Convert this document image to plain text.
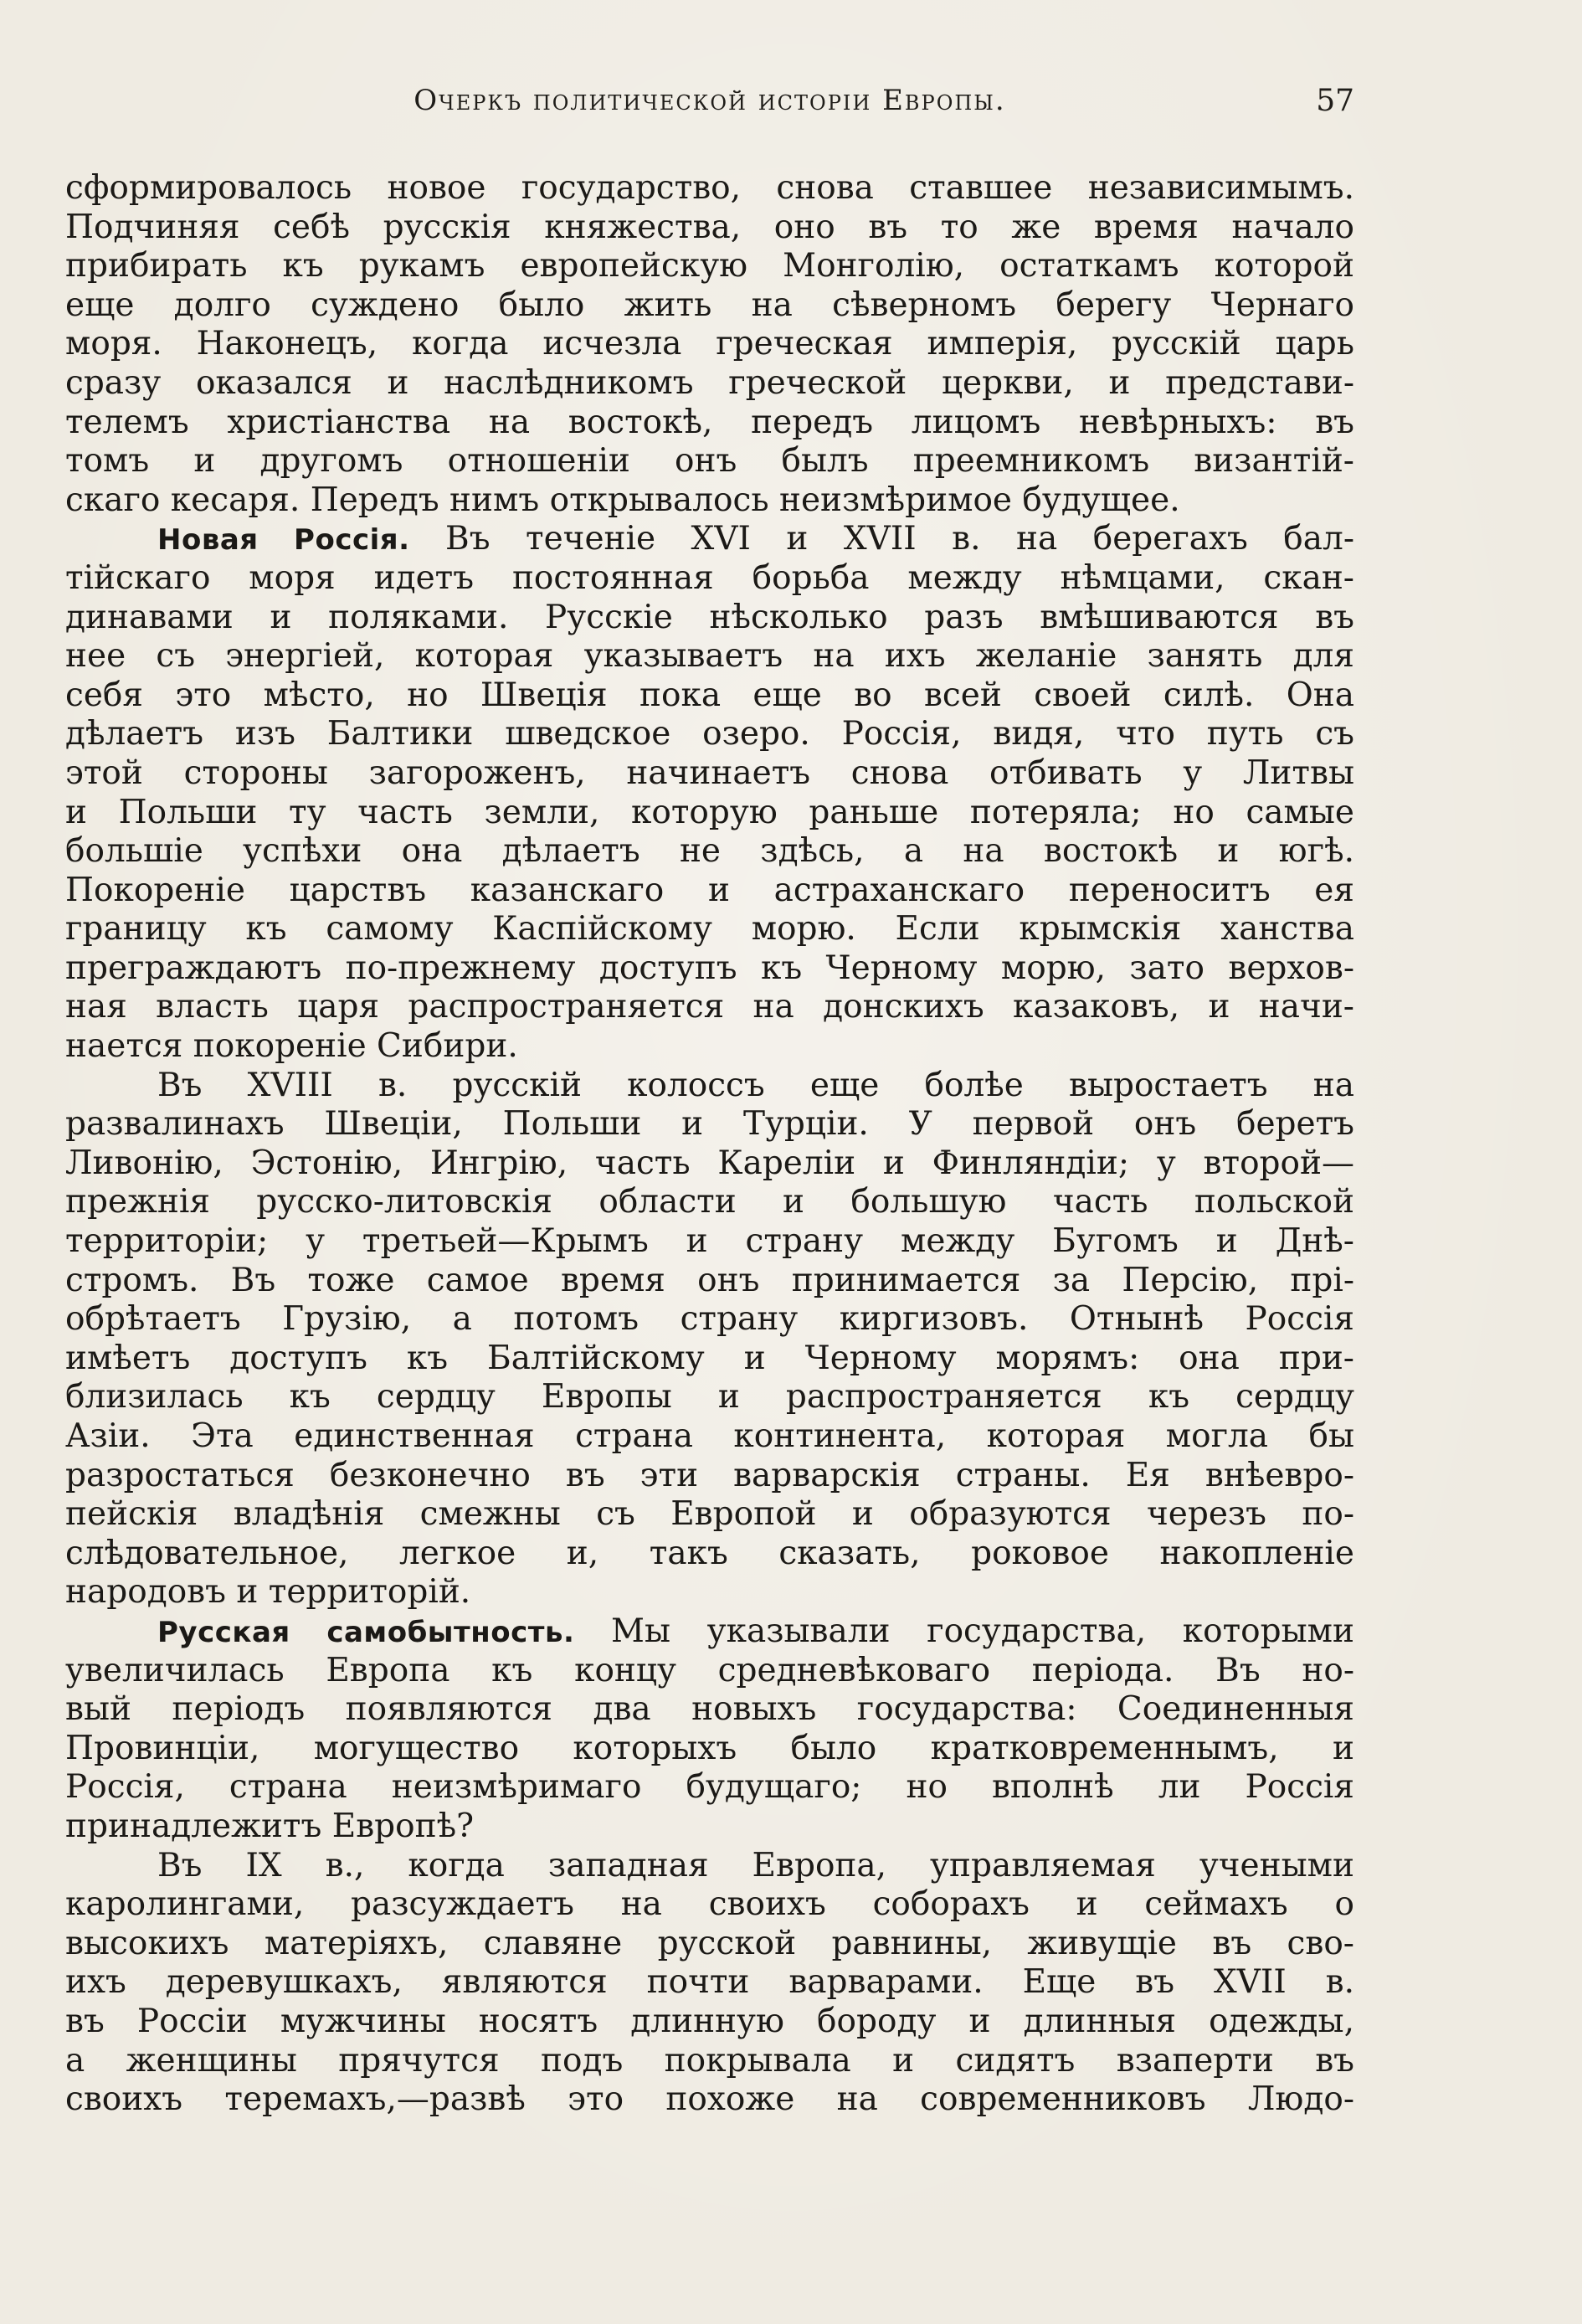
Очеркъ политической исторіи Европы.	57
сформировалось новое государство, снова ставшее независимымъ.
Подчиняя себѣ русскія княжества, оно въ то же время начало
прибирать къ рукамъ европейскую Монголію, остаткамъ которой
еще долго суждено было жить на сѣверномъ берегу Чернаго
моря. Наконецъ, когда исчезла греческая имперія, русскій царь
сразу оказался и наслѣдникомъ греческой церкви, и представи-
телемъ христіанства на востокѣ, передъ лицомъ невѣрныхъ: въ
томъ и другомъ отношеніи онъ былъ преемникомъ византій-
скаго кесаря. Передъ нимъ открывалось неизмѣримое будущее.
Новая Россія. Въ теченіе XVI и XVII в. на берегахъ бал-
тійскаго моря идетъ постоянная борьба между нѣмцами, скан-
динавами и поляками. Русскіе нѣсколько разъ вмѣшиваются въ
нее съ энергіей, которая указываетъ на ихъ желаніе занять для
себя это мѣсто, но Швеція пока еще во всей своей силѣ. Она
дѣлаетъ изъ Балтики шведское озеро. Россія, видя, что путь съ
этой стороны загороженъ, начинаетъ снова отбивать у Литвы
и Польши ту часть земли, которую раньше потеряла; но самые
большіе успѣхи она дѣлаетъ не здѣсь, а на востокѣ и югѣ.
Покореніе царствъ казанскаго и астраханскаго переноситъ ея
границу къ самому Каспійскому морю. Если крымскія ханства
преграждаютъ по-прежнему доступъ къ Черному морю, зато верхов-
ная власть царя распространяется на донскихъ казаковъ, и начи-
нается покореніе Сибири.
Въ XVIII в. русскій колоссъ еще болѣе выростаетъ на
развалинахъ Швеціи, Польши и Турціи. У первой онъ беретъ
Ливонію, Эстонію, Ингрію, часть Кареліи и Финляндіи; у второй—
прежнія русско-литовскія области и большую часть польской
территоріи; у третьей—Крымъ и страну между Бугомъ и Днѣ-
стромъ. Въ тоже самое время онъ принимается за Персію, прі-
обрѣтаетъ Грузію, а потомъ страну киргизовъ. Отнынѣ Россія
имѣетъ доступъ къ Балтійскому и Черному морямъ: она при-
близилась къ сердцу Европы и распространяется къ сердцу
Азіи. Эта единственная страна континента, которая могла бы
разростаться безконечно въ эти варварскія страны. Ея внѣевро-
пейскія владѣнія смежны съ Европой и образуются черезъ по-
слѣдовательное, легкое и, такъ сказать, роковое накопленіе
народовъ и территорій.
Русская самобытность. Мы указывали государства, которыми
увеличилась Европа къ концу средневѣковаго періода. Въ но-
вый періодъ появляются два новыхъ государства: Соединенныя
Провинціи, могущество которыхъ было кратковременнымъ, и
Россія, страна неизмѣримаго будущаго; но вполнѣ ли Россія
принадлежитъ Европѣ?
Въ IX в., когда западная Европа, управляемая учеными
каролингами, разсуждаетъ на своихъ соборахъ и сеймахъ о
высокихъ матеріяхъ, славяне русской равнины, живущіе въ сво-
ихъ деревушкахъ, являются почти варварами. Еще въ XVII в.
въ Россіи мужчины носятъ длинную бороду и длинныя одежды,
а женщины прячутся подъ покрывала и сидятъ взаперти въ
своихъ теремахъ,—развѣ это похоже на современниковъ Людо-
